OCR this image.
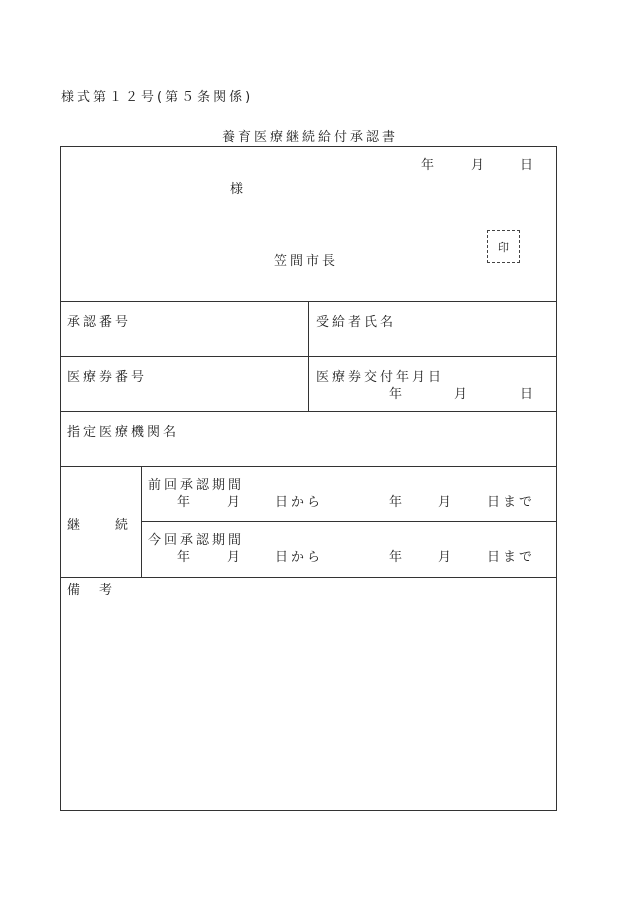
様式第１２号(第５条関係)
養育医療継続給付承認書
年	月	日
様
笠間市長
印
承認番号	受給者氏名
医療券番号	医療券交付年月日
年	月	日
指定医療機関名
継　　続
前回承認期間
年	月 日から	年	月	日まで
今回承認期間
年	月 日から	年	月	日まで
備　考
